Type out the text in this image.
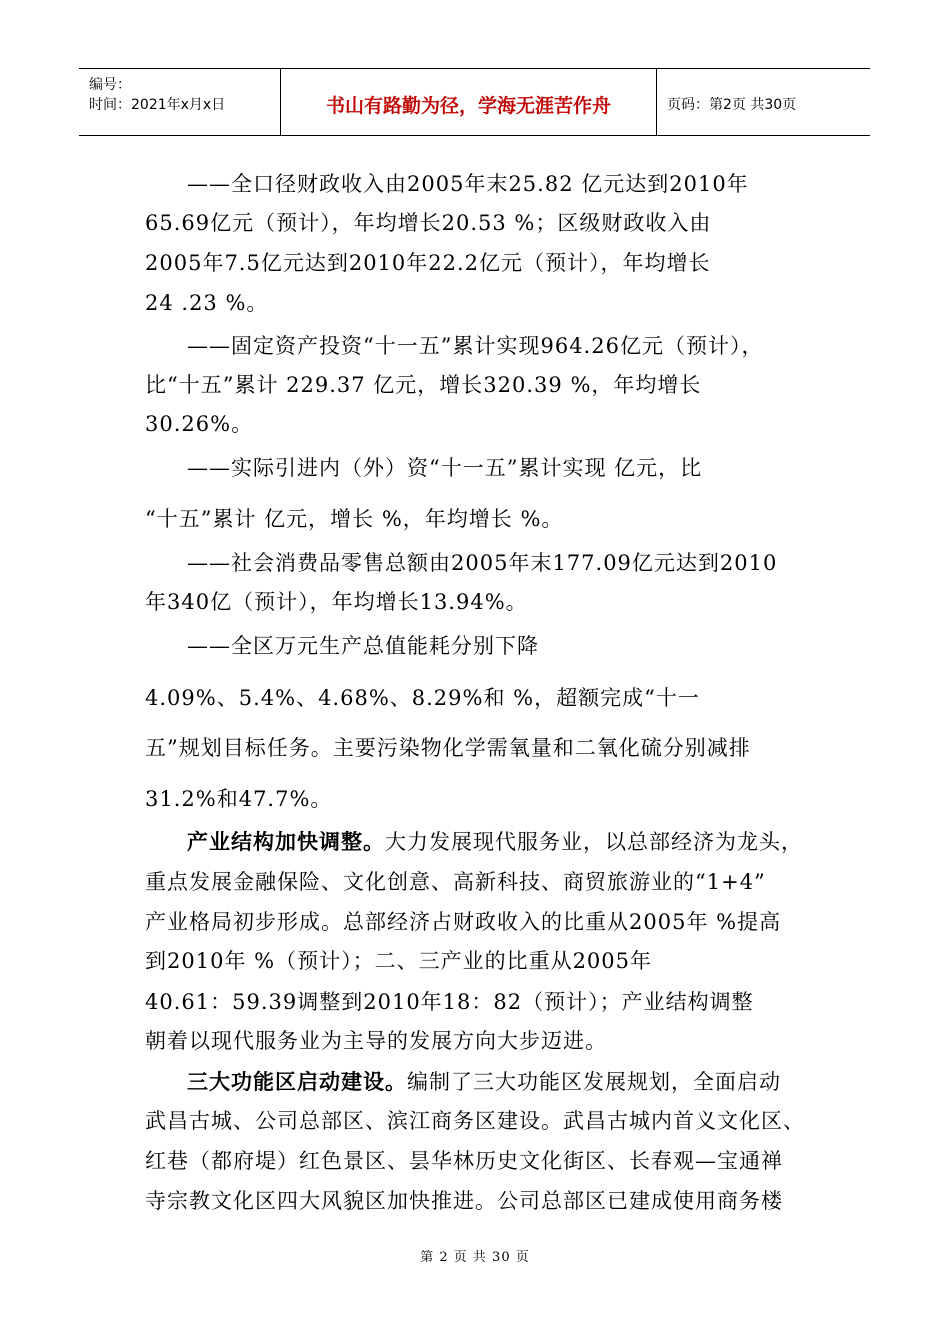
编号：
时间：2021年x月x日	书山有路勤为径，学海无涯苦作舟	页码：第2页 共30页
——全口径财政收入由2005年末25.82 亿元达到2010年
65.69亿元（预计），年均增长20.53 %；区级财政收入由
2005年7.5亿元达到2010年22.2亿元（预计），年均增长
24 .23 %。
——固定资产投资“十一五”累计实现964.26亿元（预计），
比“十五”累计 229.37 亿元，增长320.39 %，年均增长
30.26%。
——实际引进内（外）资“十一五”累计实现 亿元，比
“十五”累计 亿元，增长 %，年均增长 %。
——社会消费品零售总额由2005年末177.09亿元达到2010
年340亿（预计），年均增长13.94%。
——全区万元生产总值能耗分别下降
4.09%、5.4%、4.68%、8.29%和 %，超额完成“十一
五”规划目标任务。主要污染物化学需氧量和二氧化硫分别减排
31.2%和47.7%。
产业结构加快调整。大力发展现代服务业，以总部经济为龙头，
重点发展金融保险、文化创意、高新科技、商贸旅游业的“1+4”
产业格局初步形成。总部经济占财政收入的比重从2005年 %提高
到2010年 %（预计）；二、三产业的比重从2005年
40.61：59.39调整到2010年18：82（预计）；产业结构调整
朝着以现代服务业为主导的发展方向大步迈进。
三大功能区启动建设。编制了三大功能区发展规划，全面启动
武昌古城、公司总部区、滨江商务区建设。武昌古城内首义文化区、
红巷（都府堤）红色景区、昙华林历史文化街区、长春观—宝通禅
寺宗教文化区四大风貌区加快推进。公司总部区已建成使用商务楼
第 2 页 共 30 页
